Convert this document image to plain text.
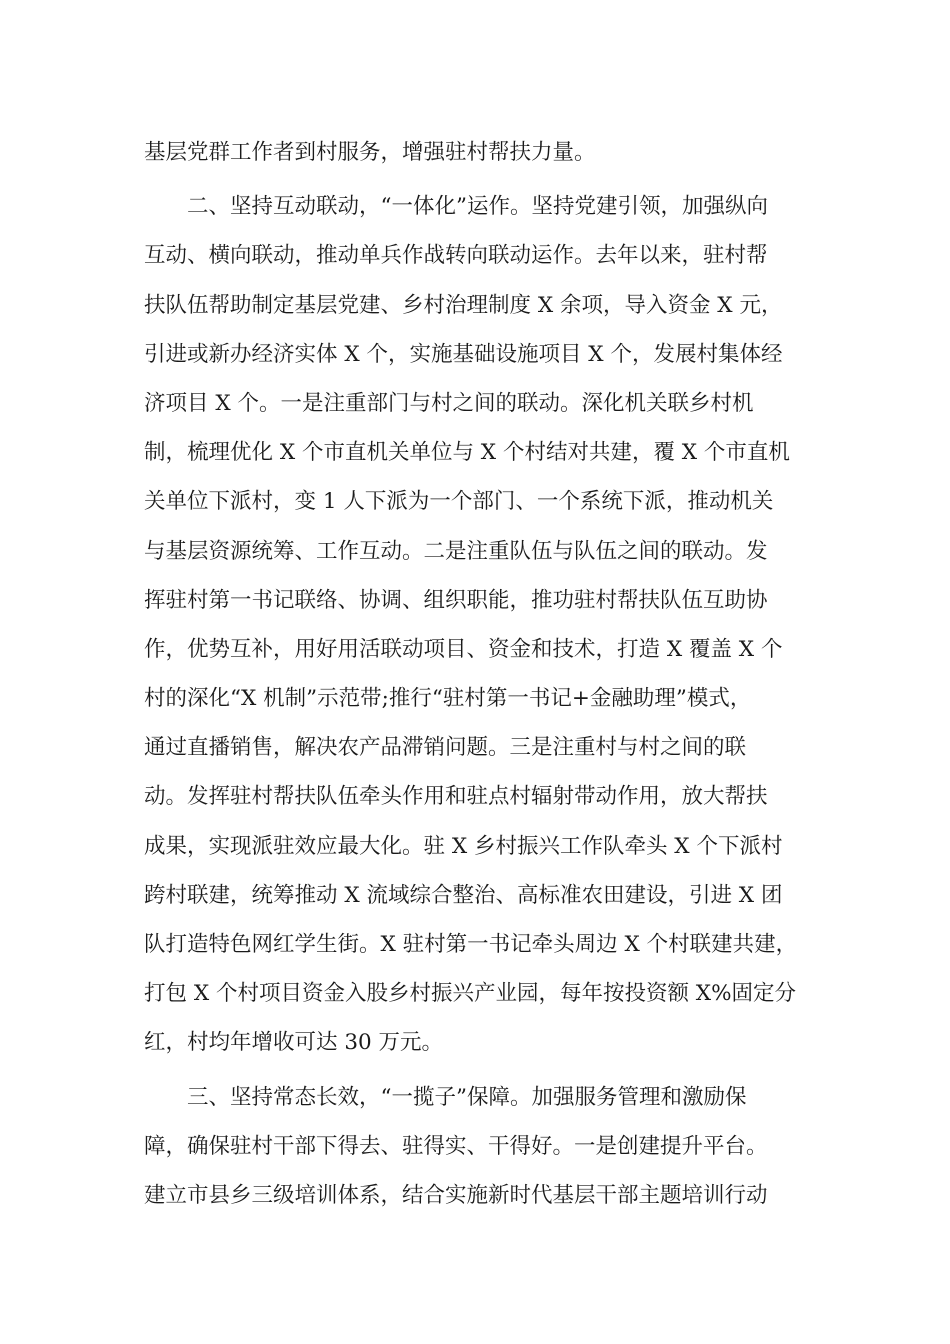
基层党群工作者到村服务，增强驻村帮扶力量。
二、坚持互动联动，“一体化”运作。坚持党建引领，加强纵向
互动、横向联动，推动单兵作战转向联动运作。去年以来，驻村帮
扶队伍帮助制定基层党建、乡村治理制度 X 余项，导入资金 X 元，
引进或新办经济实体 X 个，实施基础设施项目 X 个，发展村集体经
济项目 X 个。一是注重部门与村之间的联动。深化机关联乡村机
制，梳理优化 X 个市直机关单位与 X 个村结对共建，覆 X 个市直机
关单位下派村，变 1 人下派为一个部门、一个系统下派，推动机关
与基层资源统筹、工作互动。二是注重队伍与队伍之间的联动。发
挥驻村第一书记联络、协调、组织职能，推功驻村帮扶队伍互助协
作，优势互补，用好用活联动项目、资金和技术，打造 X 覆盖 X 个
村的深化“X 机制”示范带;推行“驻村第一书记+金融助理”模式，
通过直播销售，解决农产品滞销问题。三是注重村与村之间的联
动。发挥驻村帮扶队伍牵头作用和驻点村辐射带动作用，放大帮扶
成果，实现派驻效应最大化。驻 X 乡村振兴工作队牵头 X 个下派村
跨村联建，统筹推动 X 流域综合整治、高标准农田建设，引进 X 团
队打造特色网红学生街。X 驻村第一书记牵头周边 X 个村联建共建，
打包 X 个村项目资金入股乡村振兴产业园，每年按投资额 X%固定分
红，村均年增收可达 30 万元。
三、坚持常态长效，“一揽子”保障。加强服务管理和激励保
障，确保驻村干部下得去、驻得实、干得好。一是创建提升平台。
建立市县乡三级培训体系，结合实施新时代基层干部主题培训行动
